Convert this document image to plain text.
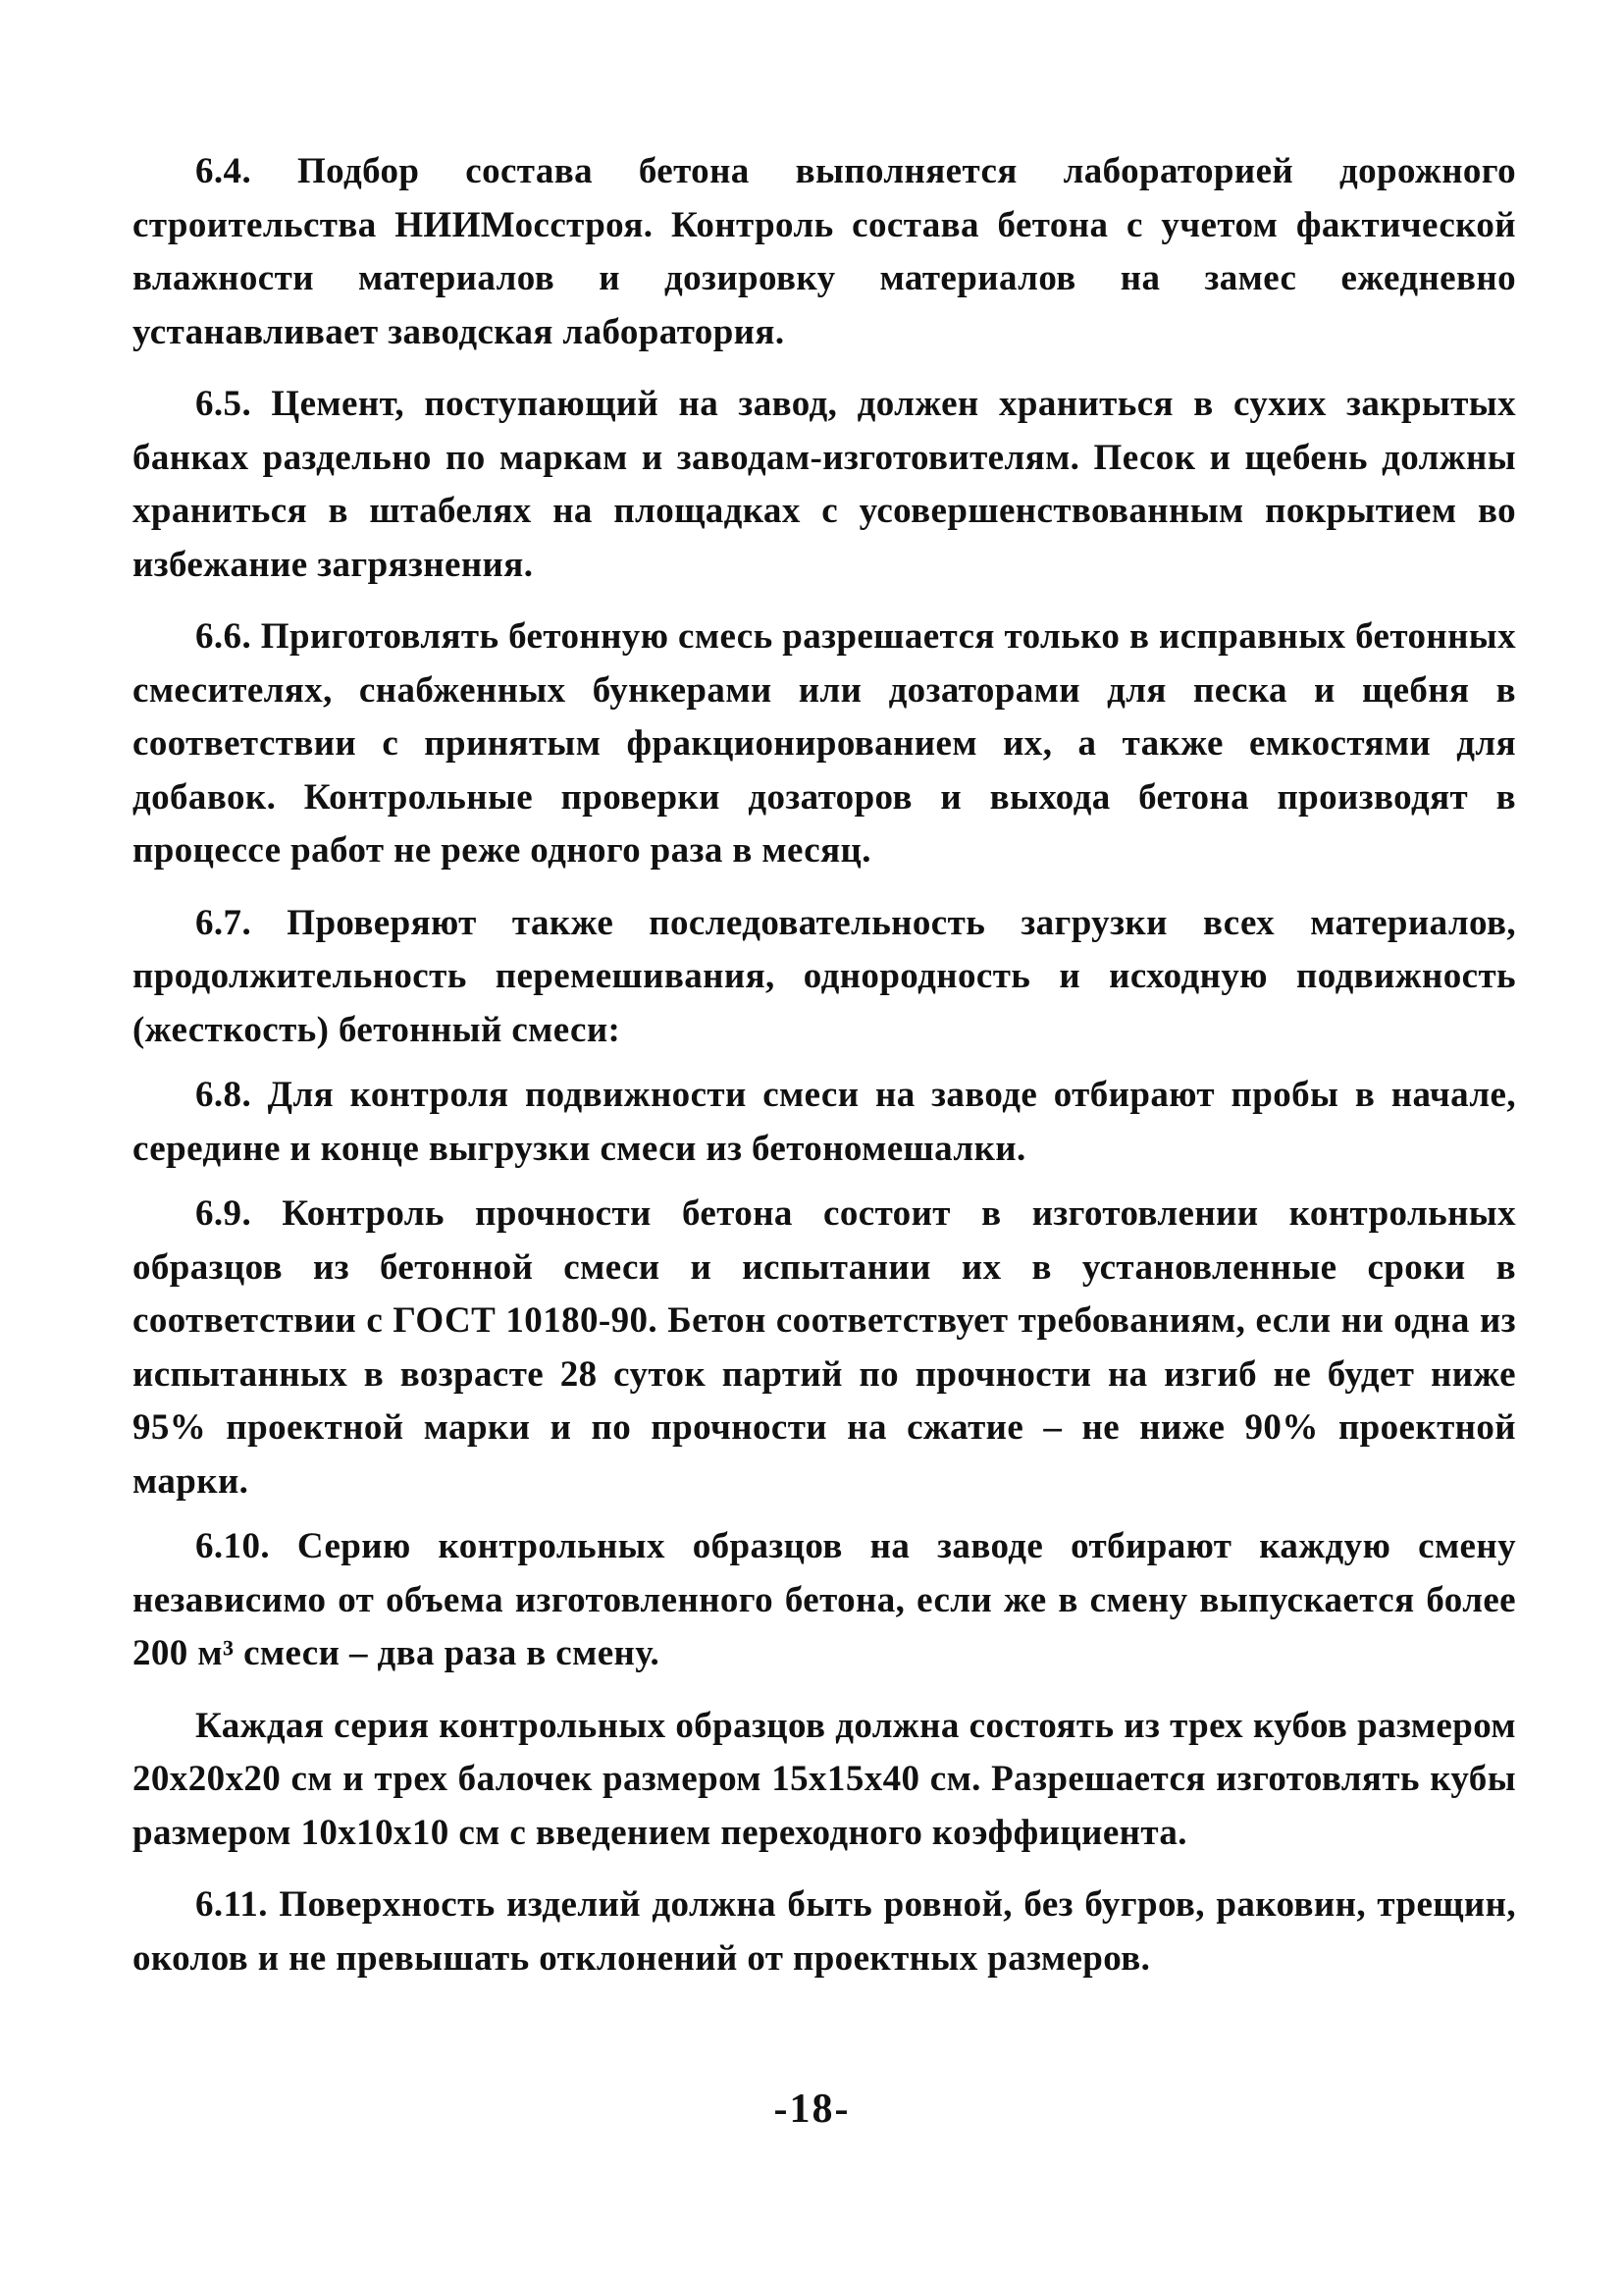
6.4. Подбор состава бетона выполняется лабораторией дорожного строительства НИИМосстроя. Контроль состава бетона с учетом фактической влажности материалов и дозировку материалов на замес ежедневно устанавливает заводская лаборатория.

6.5. Цемент, поступающий на завод, должен храниться в сухих закрытых банках раздельно по маркам и заводам-изготовителям. Песок и щебень должны храниться в штабелях на площадках с усовершенствованным покрытием во избежание загрязнения.

6.6. Приготовлять бетонную смесь разрешается только в исправных бетонных смесителях, снабженных бункерами или дозаторами для песка и щебня в соответствии с принятым фракционированием их, а также емкостями для добавок. Контрольные проверки дозаторов и выхода бетона производят в процессе работ не реже одного раза в месяц.

6.7. Проверяют также последовательность загрузки всех материалов, продолжительность перемешивания, однородность и исходную подвижность (жесткость) бетонный смеси:

6.8. Для контроля подвижности смеси на заводе отбирают пробы в начале, середине и конце выгрузки смеси из бетономешалки.

6.9. Контроль прочности бетона состоит в изготовлении контрольных образцов из бетонной смеси и испытании их в установленные сроки в соответствии с ГОСТ 10180-90. Бетон соответствует требованиям, если ни одна из испытанных в возрасте 28 суток партий по прочности на изгиб не будет ниже 95% проектной марки и по прочности на сжатие – не ниже 90% проектной марки.

6.10. Серию контрольных образцов на заводе отбирают каждую смену независимо от объема изготовленного бетона, если же в смену выпускается более 200 м³ смеси – два раза в смену.

Каждая серия контрольных образцов должна состоять из трех кубов размером 20х20х20 см и трех балочек размером 15х15х40 см. Разрешается изготовлять кубы размером 10х10х10 см с введением переходного коэффициента.

6.11. Поверхность изделий должна быть ровной, без бугров, раковин, трещин, околов и не превышать отклонений от проектных размеров.

-18-
